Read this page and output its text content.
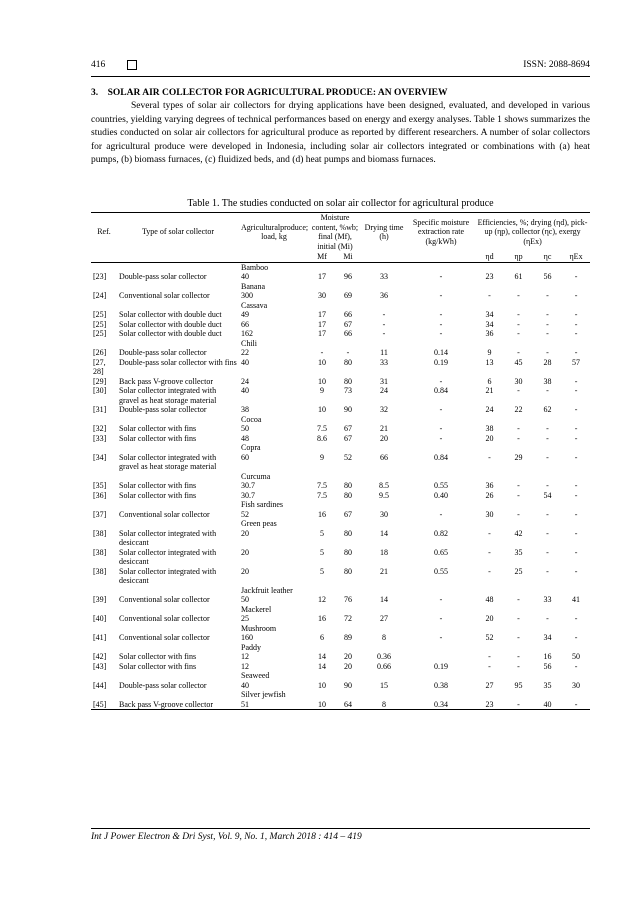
416	ISSN: 2088-8694
3.    SOLAR AIR COLLECTOR FOR AGRICULTURAL PRODUCE: AN OVERVIEW
Several types of solar air collectors for drying applications have been designed, evaluated, and developed in various countries, yielding varying degrees of technical performances based on energy and exergy analyses. Table 1 shows summarizes the studies conducted on solar air collectors for agricultural produce as reported by different researchers. A number of solar collectors for agricultural produce were developed in Indonesia, including solar air collectors integrated or combinations with (a) heat pumps, (b) biomass furnaces, (c) fluidized beds, and (d) heat pumps and biomass furnaces.
Table 1. The studies conducted on solar air collector for agricultural produce
Ref.	Type of solar collector	Agriculturalproduce; load, kg	Moisture content, %wb; final (Mf), initial (Mi)		Drying time (h)	Specific moisture extraction rate (kg/kWh)	Efficiencies, %; drying (ηd), pick-up (ηp), collector (ηc), exergy (ηEx)			
			Mf	Mi			ηd	ηp	ηc	ηEx
		Bamboo								
[23]	Double-pass solar collector	40	17	96	33	-	23	61	56	-
		Banana								
[24]	Conventional solar collector	300	30	69	36	-	-	-	-	-
		Cassava								
[25]	Solar collector with double duct	49	17	66	-	-	34	-	-	-
[25]	Solar collector with double duct	66	17	67	-	-	34	-	-	-
[25]	Solar collector with double duct	162	17	66	-	-	36	-	-	-
		Chili								
[26]	Double-pass solar collector	22	-	-	11	0.14	9	-	-	-
[27, 28]	Double-pass solar collector with fins	40	10	80	33	0.19	13	45	28	57
[29]	Back pass V-groove collector	24	10	80	31	-	6	30	38	-
[30]	Solar collector integrated with gravel as heat storage material	40	9	73	24	0.84	21	-	-	-
[31]	Double-pass solar collector	38	10	90	32	-	24	22	62	-
		Cocoa								
[32]	Solar collector with fins	50	7.5	67	21	-	38	-	-	-
[33]	Solar collector with fins	48	8.6	67	20	-	20	-	-	-
		Copra								
[34]	Solar collector integrated with gravel as heat storage material	60	9	52	66	0.84	-	29	-	-
		Curcuma								
[35]	Solar collector with fins	30.7	7.5	80	8.5	0.55	36	-	-	-
[36]	Solar collector with fins	30.7	7.5	80	9.5	0.40	26	-	54	-
		Fish sardines								
[37]	Conventional solar collector	52	16	67	30	-	30	-	-	-
		Green peas								
[38]	Solar collector integrated with desiccant	20	5	80	14	0.82	-	42	-	-
[38]	Solar collector integrated with desiccant	20	5	80	18	0.65	-	35	-	-
[38]	Solar collector integrated with desiccant	20	5	80	21	0.55	-	25	-	-
		Jackfruit leather								
[39]	Conventional solar collector	50	12	76	14	-	48	-	33	41
		Mackerel								
[40]	Conventional solar collector	25	16	72	27	-	20	-	-	-
		Mushroom								
[41]	Conventional solar collector	160	6	89	8	-	52	-	34	-
		Paddy								
[42]	Solar collector with fins	12	14	20	0.36		-	-	16	50
[43]	Solar collector with fins	12	14	20	0.66	0.19	-	-	56	-
		Seaweed								
[44]	Double-pass solar collector	40	10	90	15	0.38	27	95	35	30
		Silver jewfish								
[45]	Back pass V-groove collector	51	10	64	8	0.34	23	-	40	-
Int J Power Electron & Dri Syst, Vol. 9, No. 1, March 2018 : 414 – 419
